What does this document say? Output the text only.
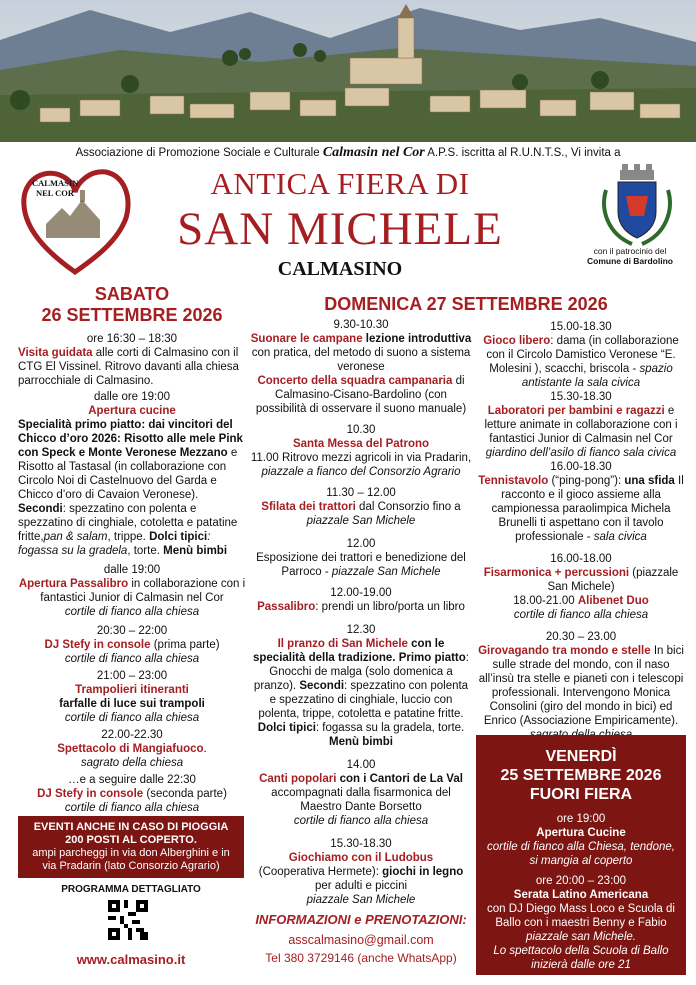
Associazione di Promozione Sociale e Culturale Calmasin nel Cor A.P.S. iscritta al R.U.N.T.S., Vi invita a
CALMASIN
NEL COR	ANTICA FIERA DI
SAN MICHELE
CALMASINO
con il patrocinio del
Comune di Bardolino
SABATO
26 SETTEMBRE 2026

ore 16:30 – 18:30

Visita guidata alle corti di Calmasino con il CTG El Vissinel. Ritrovo davanti alla chiesa parrocchiale di Calmasino.

dalle ore 19:00

Apertura cucine

Specialità primo piatto: dai vincitori del Chicco d’oro 2026: Risotto alle mele Pink con Speck e Monte Veronese Mezzano e Risotto al Tastasal (in collaborazione con Circolo Noi di Castelnuovo del Garda e Chicco d’oro di Cavaion Veronese). Secondi: spezzatino con polenta e spezzatino di cinghiale, cotoletta e patatine fritte,pan & salam, trippe. Dolci tipici: fogassa su la gradela, torte. Menù bimbi

dalle 19:00

Apertura Passalibro in collaborazione con i fantastici Junior di Calmasin nel Cor

cortile di fianco alla chiesa

20:30 – 22:00

DJ Stefy in console (prima parte)

cortile di fianco alla chiesa

21:00 – 23:00

Trampolieri itineranti

farfalle di luce sui trampoli

cortile di fianco alla chiesa

22.00-22.30

Spettacolo di Mangiafuoco.

sagrato della chiesa

…e a seguire dalle 22:30

DJ Stefy in console (seconda parte)

cortile di fianco alla chiesa

EVENTI ANCHE IN CASO DI PIOGGIA
200 POSTI AL COPERTO.
ampi parcheggi in via don Alberghini e in via Pradarin (lato Consorzio Agrario)
PROGRAMMA DETTAGLIATO
www.calmasino.it
DOMENICA 27 SETTEMBRE 2026

9.30-10.30

Suonare le campane lezione introduttiva con pratica, del metodo di suono a sistema veronese

Concerto della squadra campanaria di Calmasino-Cisano-Bardolino (con possibilità di osservare il suono manuale)

10.30

Santa Messa del Patrono

11.00 Ritrovo mezzi agricoli in via Pradarin, piazzale a fianco del Consorzio Agrario

11.30 – 12.00

Sfilata dei trattori dal Consorzio fino a piazzale San Michele

12.00

Esposizione dei trattori e benedizione del Parroco - piazzale San Michele

12.00-19.00

Passalibro: prendi un libro/porta un libro

12.30

Il pranzo di San Michele con le specialità della tradizione. Primo piatto: Gnocchi de malga (solo domenica a pranzo). Secondi: spezzatino con polenta e spezzatino di cinghiale, luccio con polenta, trippe, cotoletta e patatine fritte. Dolci tipici: fogassa su la gradela, torte. Menù bimbi

14.00

Canti popolari con i Cantori de La Val accompagnati dalla fisarmonica del Maestro Dante Borsetto

cortile di fianco alla chiesa

15.30-18.30

Giochiamo con il Ludobus

(Cooperativa Hermete): giochi in legno per adulti e piccini

piazzale San Michele

INFORMAZIONI e PRENOTAZIONI:
asscalmasino@gmail.com
Tel 380 3729146 (anche WhatsApp)

15.00-18.30

Gioco libero: dama (in collaborazione con il Circolo Damistico Veronese “E. Molesini ), scacchi, briscola - spazio antistante la sala civica

15.30-18.30

Laboratori per bambini e ragazzi e letture animate in collaborazione con i fantastici Junior di Calmasin nel Cor giardino dell’asilo di fianco sala civica

16.00-18.30

Tennistavolo (“ping-pong”): una sfida Il racconto e il gioco assieme alla campionessa paraolimpica Michela Brunelli ti aspettano con il tavolo professionale - sala civica

16.00-18.00

Fisarmonica + percussioni (piazzale San Michele)

18.00-21.00 Alibenet Duo

cortile di fianco alla chiesa

20.30 – 23.00

Girovagando tra mondo e stelle In bici sulle strade del mondo, con il naso all’insù tra stelle e pianeti con i telescopi professionali. Intervengono Monica Consolini (giro del mondo in bici) ed Enrico (Associazione Empiricamente).

VENERDÌ
25 SETTEMBRE 2026
FUORI FIERA
ore 19:00
Apertura Cucine
cortile di fianco alla Chiesa, tendone, si mangia al coperto
ore 20:00 – 23:00
Serata Latino Americana
con DJ Diego Mass Loco e Scuola di Ballo con i maestri Benny e Fabio
piazzale san Michele.
Lo spettacolo della Scuola di Ballo inizierà dalle ore 21
